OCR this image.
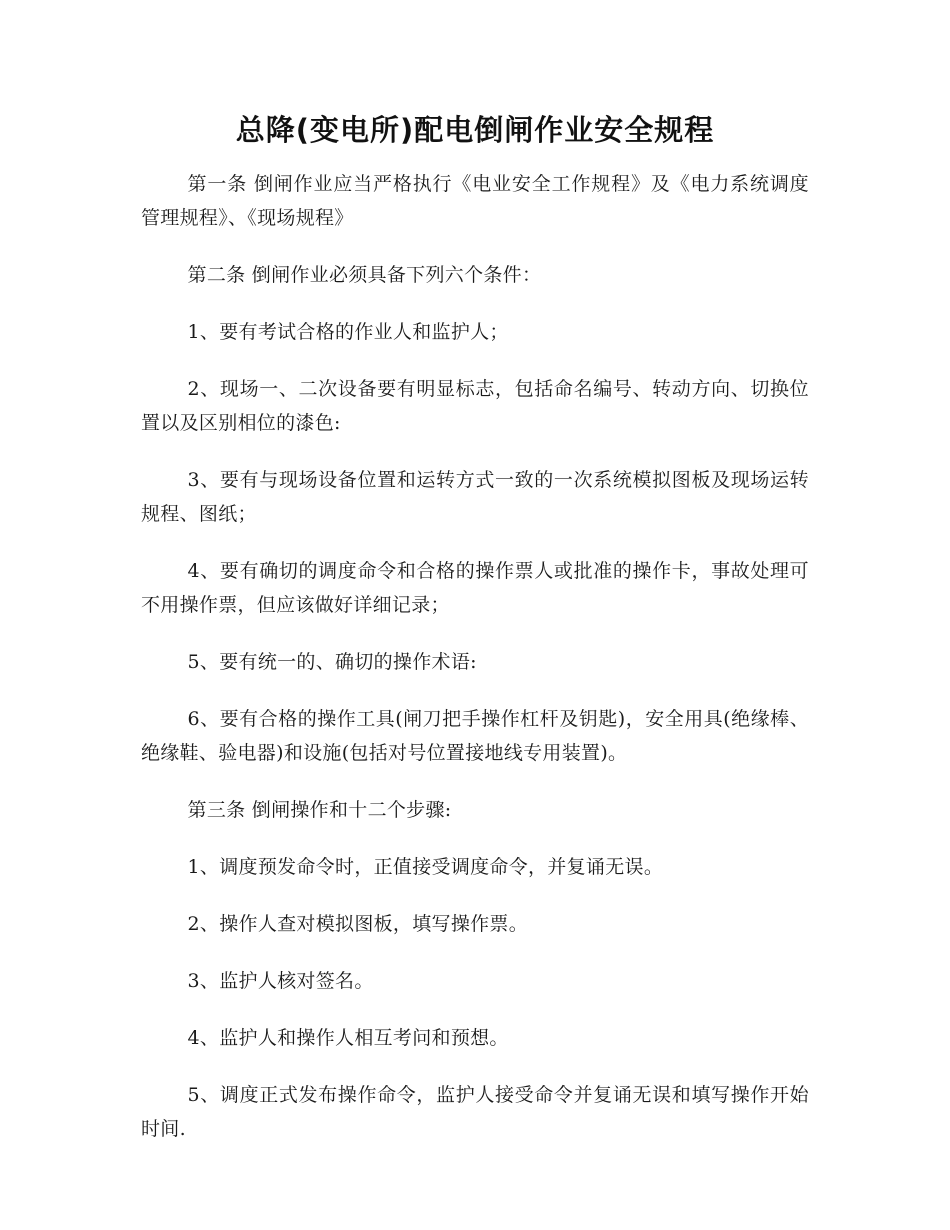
总降(变电所)配电倒闸作业安全规程

第一条 倒闸作业应当严格执行《电业安全工作规程》及《电力系统调度管理规程》、《现场规程》

第二条 倒闸作业必须具备下列六个条件：

1、要有考试合格的作业人和监护人；

2、现场一、二次设备要有明显标志，包括命名编号、转动方向、切换位置以及区别相位的漆色:

3、要有与现场设备位置和运转方式一致的一次系统模拟图板及现场运转规程、图纸；

4、要有确切的调度命令和合格的操作票人或批准的操作卡，事故处理可不用操作票，但应该做好详细记录；

5、要有统一的、确切的操作术语:

6、要有合格的操作工具(闸刀把手操作杠杆及钥匙)，安全用具(绝缘棒、绝缘鞋、验电器)和设施(包括对号位置接地线专用装置)。

第三条 倒闸操作和十二个步骤:

1、调度预发命令时，正值接受调度命令，并复诵无误。

2、操作人查对模拟图板，填写操作票。

3、监护人核对签名。

4、监护人和操作人相互考问和预想。

5、调度正式发布操作命令，监护人接受命令并复诵无误和填写操作开始时间.
